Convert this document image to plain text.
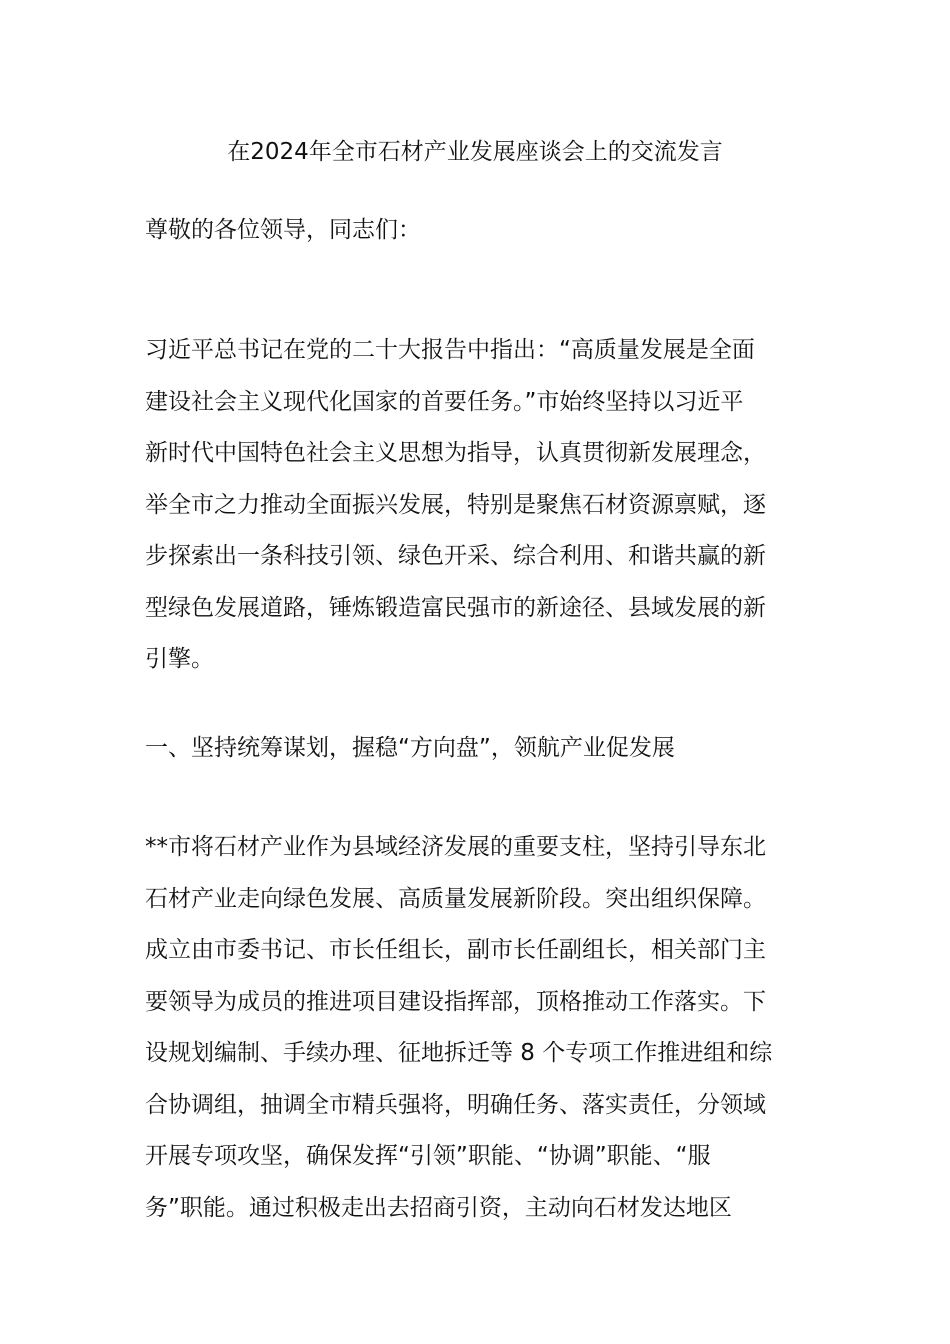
在2024年全市石材产业发展座谈会上的交流发言

尊敬的各位领导，同志们：

习近平总书记在党的二十大报告中指出：“高质量发展是全面
建设社会主义现代化国家的首要任务。”市始终坚持以习近平
新时代中国特色社会主义思想为指导，认真贯彻新发展理念，
举全市之力推动全面振兴发展，特别是聚焦石材资源禀赋，逐
步探索出一条科技引领、绿色开采、综合利用、和谐共赢的新
型绿色发展道路，锤炼锻造富民强市的新途径、县域发展的新
引擎。

一、坚持统筹谋划，握稳“方向盘”，领航产业促发展

**市将石材产业作为县域经济发展的重要支柱，坚持引导东北
石材产业走向绿色发展、高质量发展新阶段。突出组织保障。
成立由市委书记、市长任组长，副市长任副组长，相关部门主
要领导为成员的推进项目建设指挥部，顶格推动工作落实。下
设规划编制、手续办理、征地拆迁等 8 个专项工作推进组和综
合协调组，抽调全市精兵强将，明确任务、落实责任，分领域
开展专项攻坚，确保发挥“引领”职能、“协调”职能、“服
务”职能。通过积极走出去招商引资，主动向石材发达地区
